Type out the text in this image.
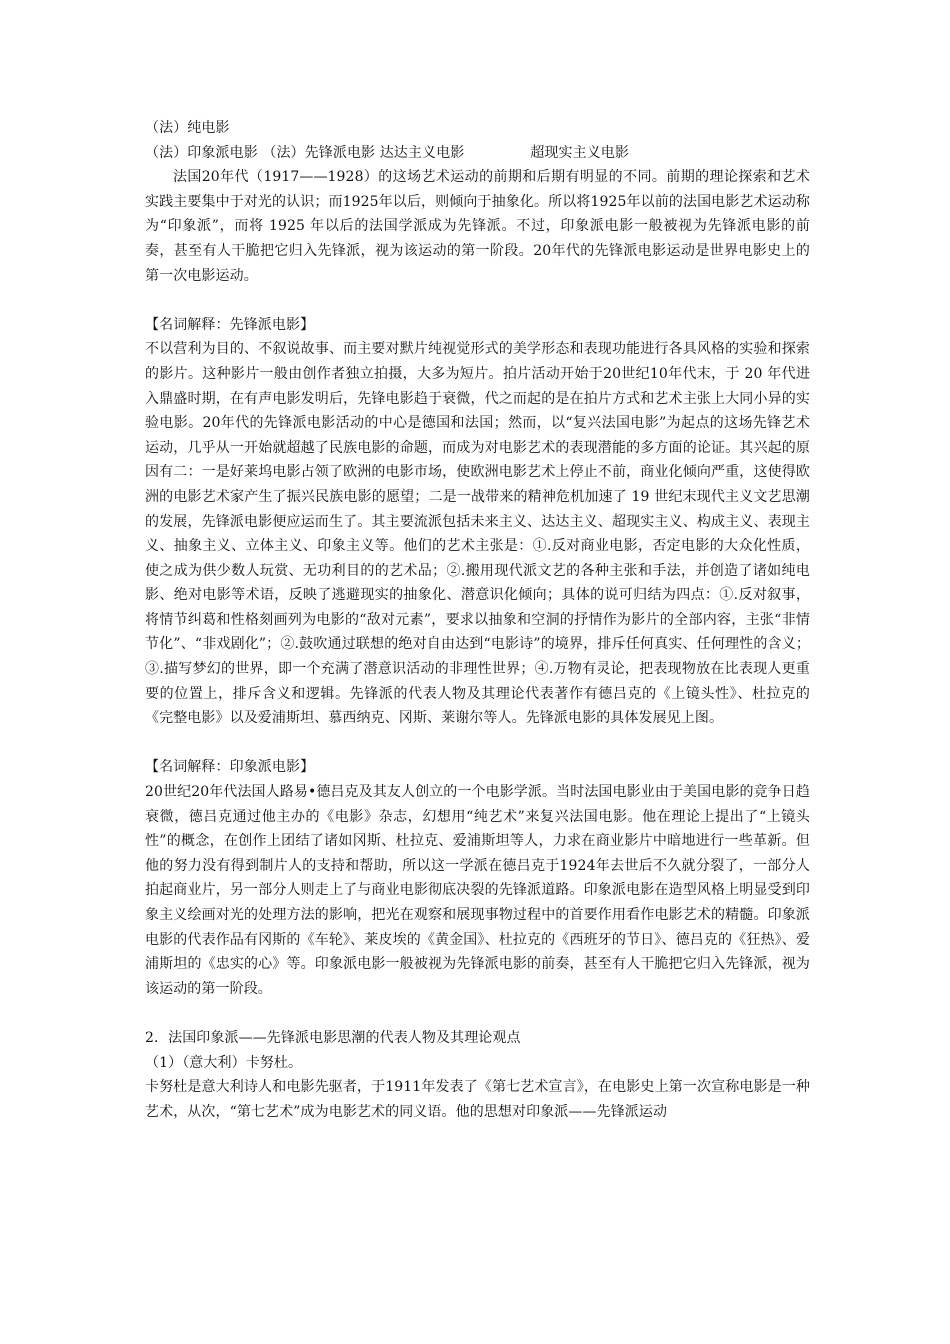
（法）纯电影
（法）印象派电影 （法）先锋派电影 达达主义电影	超现实主义电影
法国20年代（1917——1928）的这场艺术运动的前期和后期有明显的不同。前期的理论探索和艺术实践主要集中于对光的认识；而1925年以后，则倾向于抽象化。所以将1925年以前的法国电影艺术运动称为“印象派”，而将 1925 年以后的法国学派成为先锋派。不过，印象派电影一般被视为先锋派电影的前奏，甚至有人干脆把它归入先锋派，视为该运动的第一阶段。20年代的先锋派电影运动是世界电影史上的第一次电影运动。
【名词解释：先锋派电影】
不以营利为目的、不叙说故事、而主要对默片纯视觉形式的美学形态和表现功能进行各具风格的实验和探索的影片。这种影片一般由创作者独立拍摄，大多为短片。拍片活动开始于20世纪10年代末，于 20 年代进入鼎盛时期，在有声电影发明后，先锋电影趋于衰微，代之而起的是在拍片方式和艺术主张上大同小异的实验电影。20年代的先锋派电影活动的中心是德国和法国；然而，以“复兴法国电影”为起点的这场先锋艺术运动，几乎从一开始就超越了民族电影的命题，而成为对电影艺术的表现潜能的多方面的论证。其兴起的原因有二：一是好莱坞电影占领了欧洲的电影市场，使欧洲电影艺术上停止不前，商业化倾向严重，这使得欧洲的电影艺术家产生了振兴民族电影的愿望；二是一战带来的精神危机加速了 19 世纪末现代主义文艺思潮的发展，先锋派电影便应运而生了。其主要流派包括未来主义、达达主义、超现实主义、构成主义、表现主义、抽象主义、立体主义、印象主义等。他们的艺术主张是：①.反对商业电影，否定电影的大众化性质，使之成为供少数人玩赏、无功利目的的艺术品；②.搬用现代派文艺的各种主张和手法，并创造了诸如纯电影、绝对电影等术语，反映了逃避现实的抽象化、潜意识化倾向；具体的说可归结为四点：①.反对叙事，将情节纠葛和性格刻画列为电影的“敌对元素”，要求以抽象和空洞的抒情作为影片的全部内容，主张“非情节化”、“非戏剧化”；②.鼓吹通过联想的绝对自由达到“电影诗”的境界，排斥任何真实、任何理性的含义；③.描写梦幻的世界，即一个充满了潜意识活动的非理性世界；④.万物有灵论，把表现物放在比表现人更重要的位置上，排斥含义和逻辑。先锋派的代表人物及其理论代表著作有德吕克的《上镜头性》、杜拉克的《完整电影》以及爱浦斯坦、慕西纳克、冈斯、莱谢尔等人。先锋派电影的具体发展见上图。
【名词解释：印象派电影】
20世纪20年代法国人路易•德吕克及其友人创立的一个电影学派。当时法国电影业由于美国电影的竞争日趋衰微，德吕克通过他主办的《电影》杂志，幻想用“纯艺术”来复兴法国电影。他在理论上提出了“上镜头性”的概念，在创作上团结了诸如冈斯、杜拉克、爱浦斯坦等人，力求在商业影片中暗地进行一些革新。但他的努力没有得到制片人的支持和帮助，所以这一学派在德吕克于1924年去世后不久就分裂了，一部分人拍起商业片，另一部分人则走上了与商业电影彻底决裂的先锋派道路。印象派电影在造型风格上明显受到印象主义绘画对光的处理方法的影响，把光在观察和展现事物过程中的首要作用看作电影艺术的精髓。印象派电影的代表作品有冈斯的《车轮》、莱皮埃的《黄金国》、杜拉克的《西班牙的节日》、德吕克的《狂热》、爱浦斯坦的《忠实的心》等。印象派电影一般被视为先锋派电影的前奏，甚至有人干脆把它归入先锋派，视为该运动的第一阶段。
2．法国印象派——先锋派电影思潮的代表人物及其理论观点
（1）（意大利）卡努杜。
卡努杜是意大利诗人和电影先驱者，于1911年发表了《第七艺术宣言》，在电影史上第一次宣称电影是一种艺术，从次，“第七艺术”成为电影艺术的同义语。他的思想对印象派——先锋派运动
